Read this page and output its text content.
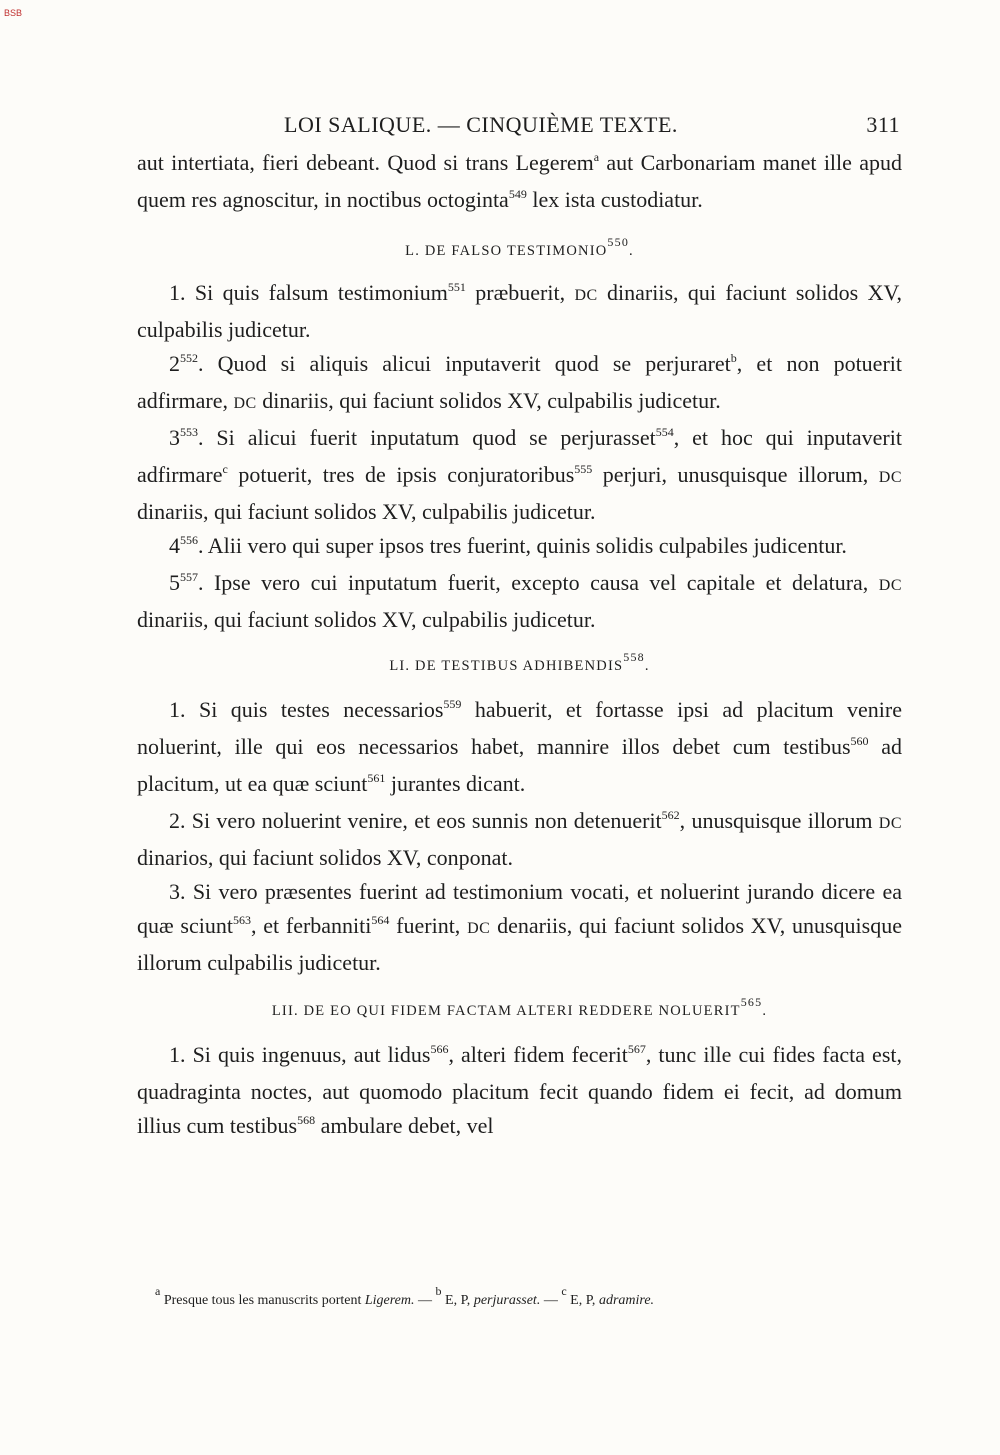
BSB
LOI SALIQUE. — CINQUIÈME TEXTE.	311

aut intertiata, fieri debeant. Quod si trans Legerem$^a$ aut Carbonariam manet ille apud quem res agnoscitur, in noctibus octoginta$^{549}$ lex ista custodiatur.

L. DE FALSO TESTIMONIO$^{550}$.

1. Si quis falsum testimonium$^{551}$ præbuerit, DC dinariis, qui faciunt solidos XV, culpabilis judicetur.

$2^{552}$. Quod si aliquis alicui inputaverit quod se perjuraret$^b$, et non potuerit adfirmare, DC dinariis, qui faciunt solidos XV, culpabilis judicetur.

$3^{553}$. Si alicui fuerit inputatum quod se perjurasset$^{554}$, et hoc qui inputaverit adfirmare$^c$ potuerit, tres de ipsis conjuratoribus$^{555}$ perjuri, unusquisque illorum, DC dinariis, qui faciunt solidos XV, culpabilis judicetur.

$4^{556}$. Alii vero qui super ipsos tres fuerint, quinis solidis culpabiles judicentur.

$5^{557}$. Ipse vero cui inputatum fuerit, excepto causa vel capitale et delatura, DC dinariis, qui faciunt solidos XV, culpabilis judicetur.

LI. DE TESTIBUS ADHIBENDIS$^{558}$.

1. Si quis testes necessarios$^{559}$ habuerit, et fortasse ipsi ad placitum venire noluerint, ille qui eos necessarios habet, mannire illos debet cum testibus$^{560}$ ad placitum, ut ea quæ sciunt$^{561}$ jurantes dicant.

2. Si vero noluerint venire, et eos sunnis non detenuerit$^{562}$, unusquisque illorum DC dinarios, qui faciunt solidos XV, conponat.

3. Si vero præsentes fuerint ad testimonium vocati, et noluerint jurando dicere ea quæ sciunt$^{563}$, et ferbanniti$^{564}$ fuerint, DC denariis, qui faciunt solidos XV, unusquisque illorum culpabilis judicetur.

LII. DE EO QUI FIDEM FACTAM ALTERI REDDERE NOLUERIT$^{565}$.

1. Si quis ingenuus, aut lidus$^{566}$, alteri fidem fecerit$^{567}$, tunc ille cui fides facta est, quadraginta noctes, aut quomodo placitum fecit quando fidem ei fecit, ad domum illius cum testibus$^{568}$ ambulare debet, vel

$^a$ Presque tous les manuscrits portent Ligerem. — $^b$ E, P, perjurasset. — $^c$ E, P, adramire.
